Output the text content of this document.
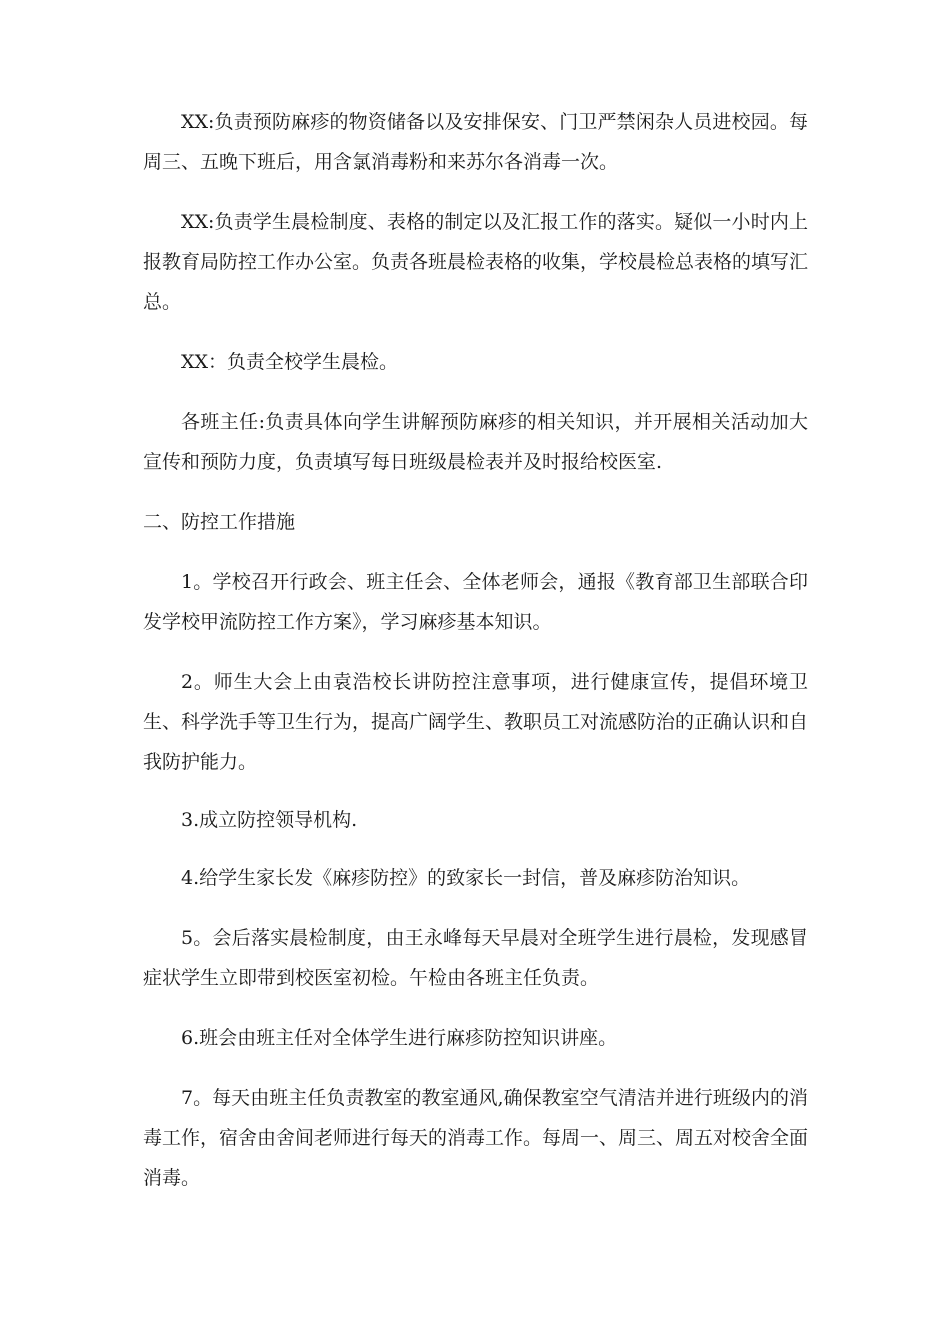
XX:负责预防麻疹的物资储备以及安排保安、门卫严禁闲杂人员进校园。每周三、五晚下班后，用含氯消毒粉和来苏尔各消毒一次。

XX:负责学生晨检制度、表格的制定以及汇报工作的落实。疑似一小时内上报教育局防控工作办公室。负责各班晨检表格的收集，学校晨检总表格的填写汇总。

XX：负责全校学生晨检。

各班主任:负责具体向学生讲解预防麻疹的相关知识，并开展相关活动加大宣传和预防力度，负责填写每日班级晨检表并及时报给校医室.

二、防控工作措施

1。学校召开行政会、班主任会、全体老师会，通报《教育部卫生部联合印发学校甲流防控工作方案》，学习麻疹基本知识。

2。师生大会上由袁浩校长讲防控注意事项，进行健康宣传，提倡环境卫生、科学洗手等卫生行为，提高广阔学生、教职员工对流感防治的正确认识和自我防护能力。

3.成立防控领导机构.

4.给学生家长发《麻疹防控》的致家长一封信，普及麻疹防治知识。

5。会后落实晨检制度，由王永峰每天早晨对全班学生进行晨检，发现感冒症状学生立即带到校医室初检。午检由各班主任负责。

6.班会由班主任对全体学生进行麻疹防控知识讲座。

7。每天由班主任负责教室的教室通风,确保教室空气清洁并进行班级内的消毒工作，宿舍由舍间老师进行每天的消毒工作。每周一、周三、周五对校舍全面消毒。
